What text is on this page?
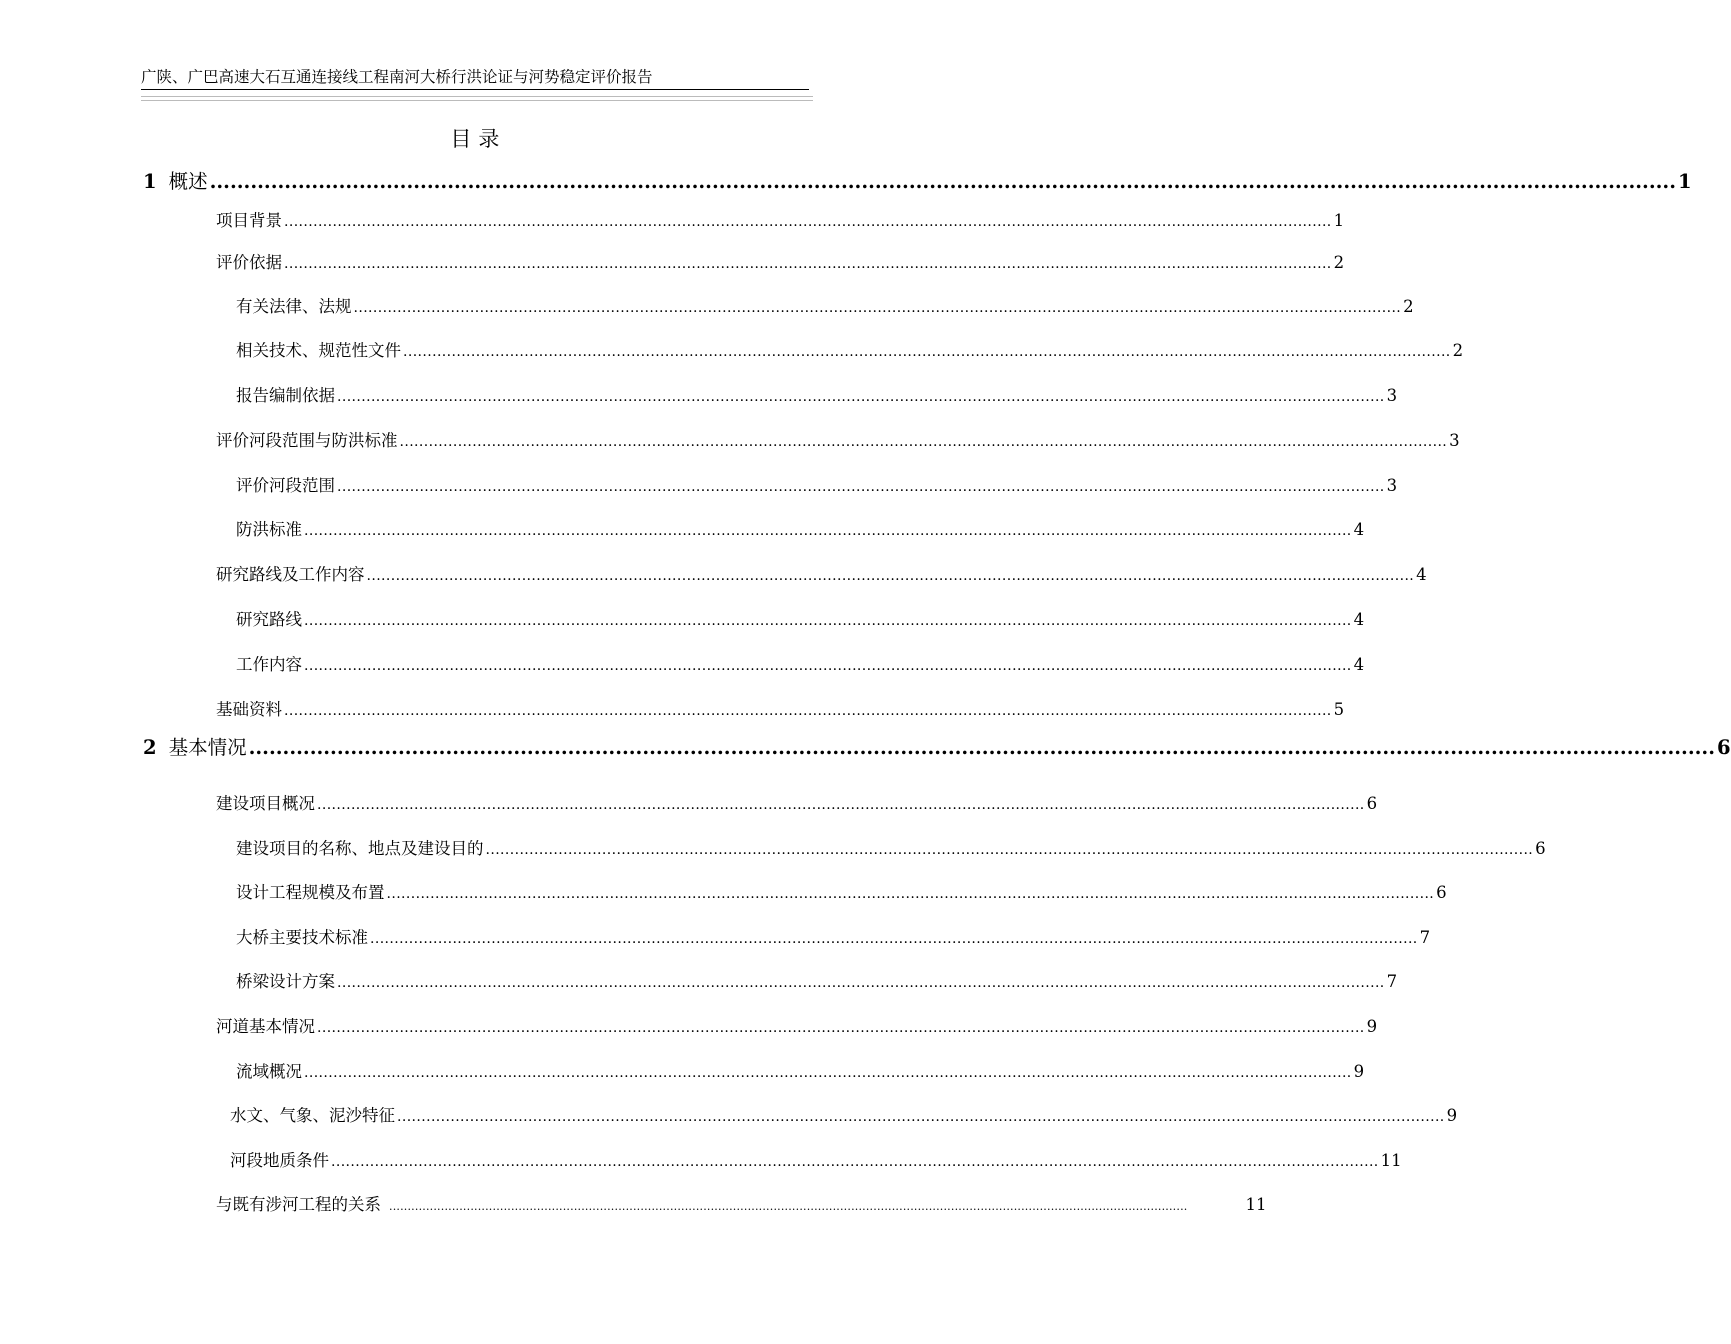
广陕、广巴高速大石互通连接线工程南河大桥行洪论证与河势稳定评价报告
目 录
1 概述 ........................................................................................................................................................................................................................ 1
项目背景 ........................................................................................................................................................................................................................ 1
评价依据 ........................................................................................................................................................................................................................ 2
有关法律、法规 ........................................................................................................................................................................................................................ 2
相关技术、规范性文件 ........................................................................................................................................................................................................................ 2
报告编制依据 ........................................................................................................................................................................................................................ 3
评价河段范围与防洪标准 ........................................................................................................................................................................................................................ 3
评价河段范围 ........................................................................................................................................................................................................................ 3
防洪标准 ........................................................................................................................................................................................................................ 4
研究路线及工作内容 ........................................................................................................................................................................................................................ 4
研究路线 ........................................................................................................................................................................................................................ 4
工作内容 ........................................................................................................................................................................................................................ 4
基础资料 ........................................................................................................................................................................................................................ 5
2 基本情况 ........................................................................................................................................................................................................................ 6
建设项目概况 ........................................................................................................................................................................................................................ 6
建设项目的名称、地点及建设目的 ........................................................................................................................................................................................................................ 6
设计工程规模及布置 ........................................................................................................................................................................................................................ 6
大桥主要技术标准 ........................................................................................................................................................................................................................ 7
桥梁设计方案 ........................................................................................................................................................................................................................ 7
河道基本情况 ........................................................................................................................................................................................................................ 9
流域概况 ........................................................................................................................................................................................................................ 9
水文、气象、泥沙特征 ........................................................................................................................................................................................................................ 9
河段地质条件 ........................................................................................................................................................................................................................ 11
与既有涉河工程的关系 ........................................................................................................................................................................................................................	11
